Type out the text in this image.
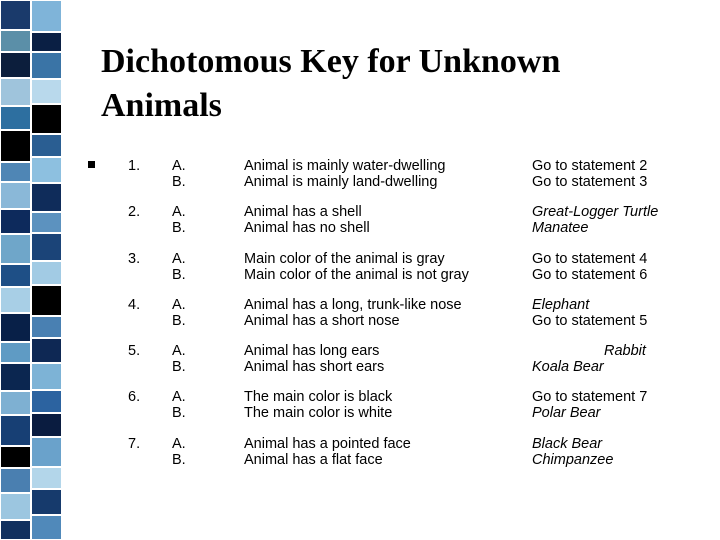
Dichotomous Key for Unknown Animals
1. A.
B.
Animal is mainly water-dwelling
Animal is mainly land-dwelling
Go to statement 2
Go to statement 3
2. A.
B.
Animal has a shell
Animal has no shell
Great-Logger Turtle
Manatee
3. A.
B.
Main color of the animal is gray
Main color of the animal is not gray
Go to statement 4
Go to statement 6
4. A.
B.
Animal has a long, trunk-like nose
Animal has a short nose
Elephant
Go to statement 5
5. A.
B.
Animal has long ears
Animal has short ears
Rabbit
Koala Bear
6. A.
B.
The main color is black
The main color is white
Go to statement 7
Polar Bear
7. A.
B.
Animal has a pointed face
Animal has a flat face
Black Bear
Chimpanzee
